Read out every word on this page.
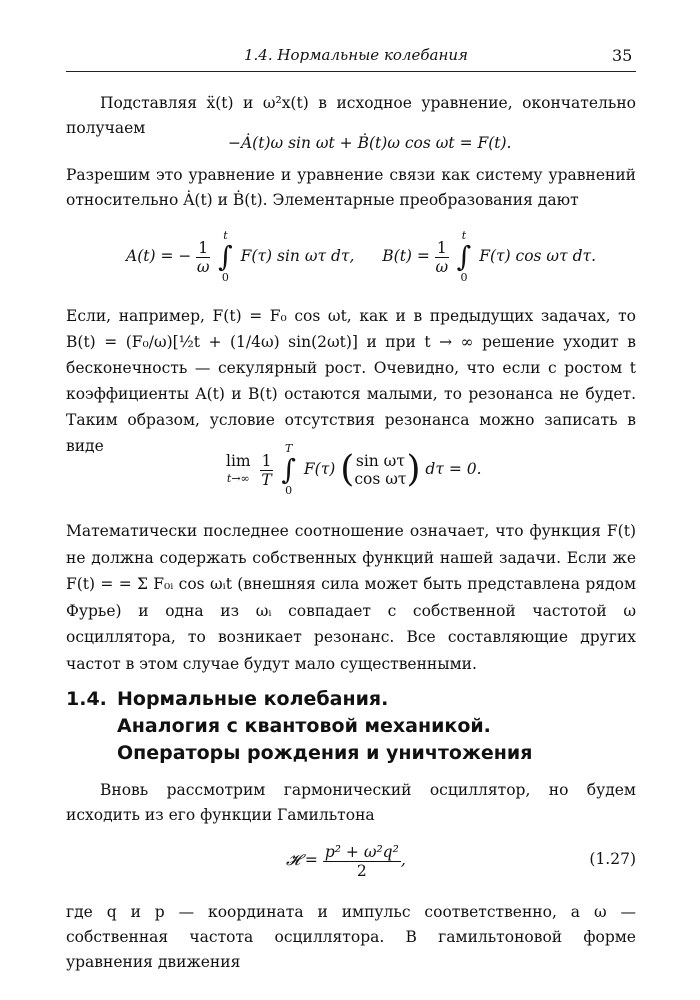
1.4. Нормальные колебания	35
Подставляя ẍ(t) и ω²x(t) в исходное уравнение, окончательно получаем
−Ȧ(t)ω sin ωt + Ḃ(t)ω cos ωt = F(t).
Разрешим это уравнение и уравнение связи как систему уравнений относительно Ȧ(t) и Ḃ(t). Элементарные преобразования дают
A(t) = − $\frac{1}{\omega}$

t
∫
0
F(τ) sin ωτ dτ, $B(t) = \frac{1}{\omega}$

t
∫
0
F(τ) cos ωτ dτ.
Если, например, F(t) = F₀ cos ωt, как и в предыдущих задачах, то B(t) = (F₀/ω)[½t + (1/4ω) sin(2ωt)] и при t → ∞ решение уходит в бесконечность — секулярный рост. Очевидно, что если с ростом t коэффициенты A(t) и B(t) остаются малыми, то резонанса не будет. Таким образом, условие отсутствия резонанса можно записать в виде
lim
t→∞
$\frac{1}{T}$

T
∫
0
F(τ) ( sin ωτ
cos ωτ ) dτ = 0.
Математически последнее соотношение означает, что функция F(t) не должна содержать собственных функций нашей задачи. Если же F(t) = = Σ F₀ᵢ cos ωᵢt (внешняя сила может быть представлена рядом Фурье) и одна из ωᵢ совпадает с собственной частотой ω осциллятора, то возникает резонанс. Все составляющие других частот в этом случае будут мало существенными.
1.4. Нормальные колебания.
Аналогия с квантовой механикой.
Операторы рождения и уничтожения
Вновь рассмотрим гармонический осциллятор, но будем исходить из его функции Гамильтона
𝓗 = $\frac{\text{p² + ω²q²}}{2}$ ,	(1.27)
где q и p — координата и импульс соответственно, а ω — собственная частота осциллятора. В гамильтоновой форме уравнения движения
